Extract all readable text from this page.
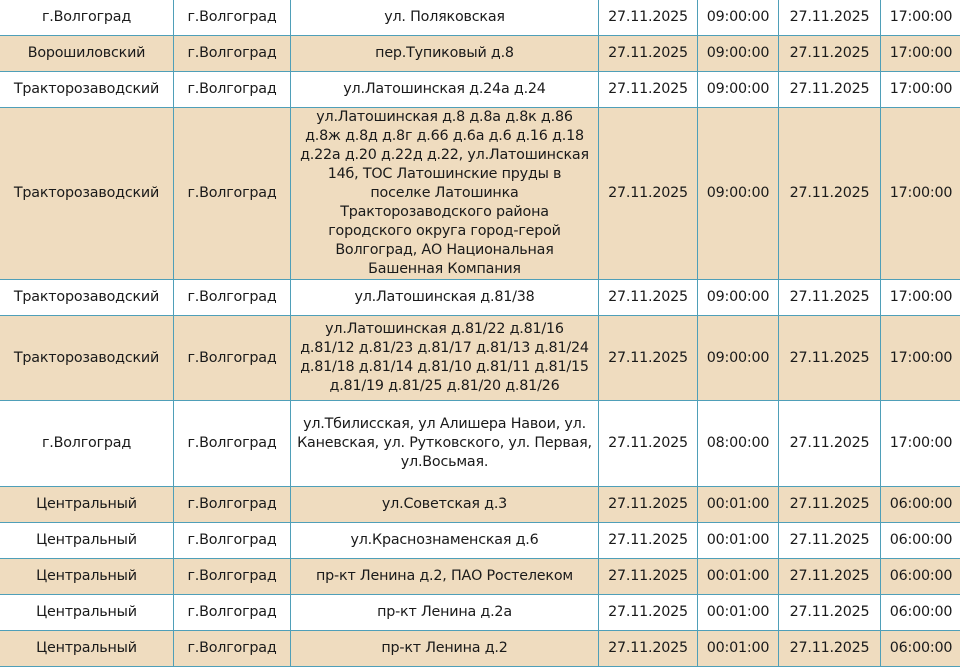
г.Волгоград	г.Волгоград	ул. Поляковская	27.11.2025	09:00:00	27.11.2025	17:00:00
Ворошиловский	г.Волгоград	пер.Тупиковый д.8	27.11.2025	09:00:00	27.11.2025	17:00:00
Тракторозаводский	г.Волгоград	ул.Латошинская д.24а д.24	27.11.2025	09:00:00	27.11.2025	17:00:00
Тракторозаводский	г.Волгоград	ул.Латошинская д.8 д.8а д.8к д.86 д.8ж д.8д д.8г д.66 д.6а д.6 д.16 д.18 д.22а д.20 д.22д д.22, ул.Латошинская 14б, ТОС Латошинские пруды в поселке Латошинка Тракторозаводского района городского округа город-герой Волгоград, АО Национальная Башенная Компания	27.11.2025	09:00:00	27.11.2025	17:00:00
Тракторозаводский	г.Волгоград	ул.Латошинская д.81/38	27.11.2025	09:00:00	27.11.2025	17:00:00
Тракторозаводский	г.Волгоград	ул.Латошинская д.81/22 д.81/16 д.81/12 д.81/23 д.81/17 д.81/13 д.81/24 д.81/18 д.81/14 д.81/10 д.81/11 д.81/15 д.81/19 д.81/25 д.81/20 д.81/26	27.11.2025	09:00:00	27.11.2025	17:00:00
г.Волгоград	г.Волгоград	ул.Тбилисская, ул Алишера Навои, ул. Каневская, ул. Рутковского, ул. Первая, ул.Восьмая.	27.11.2025	08:00:00	27.11.2025	17:00:00
Центральный	г.Волгоград	ул.Советская д.3	27.11.2025	00:01:00	27.11.2025	06:00:00
Центральный	г.Волгоград	ул.Краснознаменская д.6	27.11.2025	00:01:00	27.11.2025	06:00:00
Центральный	г.Волгоград	пр-кт Ленина д.2, ПАО Ростелеком	27.11.2025	00:01:00	27.11.2025	06:00:00
Центральный	г.Волгоград	пр-кт Ленина д.2а	27.11.2025	00:01:00	27.11.2025	06:00:00
Центральный	г.Волгоград	пр-кт Ленина д.2	27.11.2025	00:01:00	27.11.2025	06:00:00
